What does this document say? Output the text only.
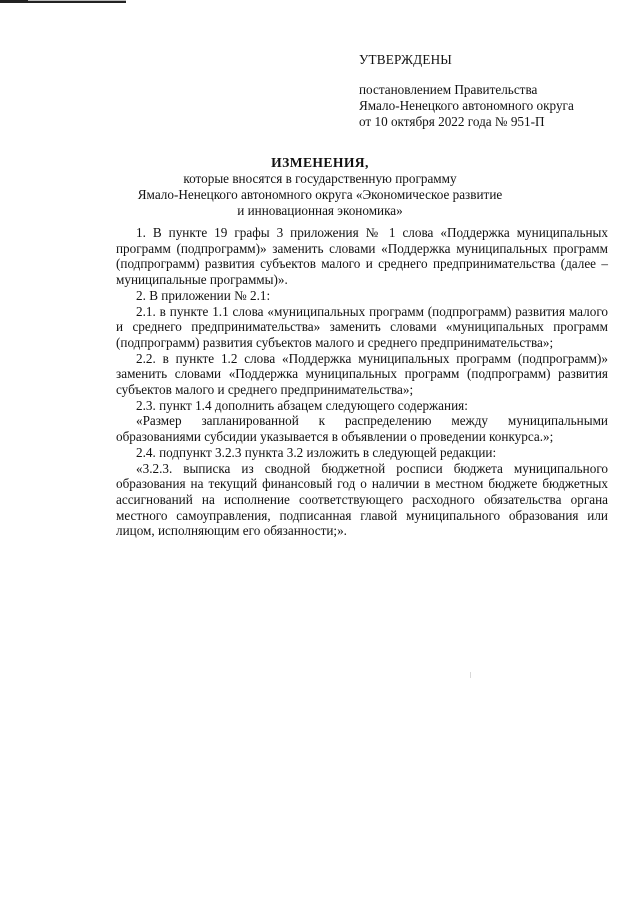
УТВЕРЖДЕНЫ
постановлением Правительства
Ямало-Ненецкого автономного округа
от 10 октября 2022 года № 951-П
ИЗМЕНЕНИЯ,
которые вносятся в государственную программу
Ямало-Ненецкого автономного округа «Экономическое развитие
и инновационная экономика»

1. В пункте 19 графы 3 приложения № 1 слова «Поддержка муниципальных программ (подпрограмм)» заменить словами «Поддержка муниципальных программ (подпрограмм) развития субъектов малого и среднего предпринимательства (далее – муниципальные программы)».

2. В приложении № 2.1:

2.1. в пункте 1.1 слова «муниципальных программ (подпрограмм) развития малого и среднего предпринимательства» заменить словами «муниципальных программ (подпрограмм) развития субъектов малого и среднего предпринимательства»;

2.2. в пункте 1.2 слова «Поддержка муниципальных программ (подпрограмм)» заменить словами «Поддержка муниципальных программ (подпрограмм) развития субъектов малого и среднего предпринимательства»;

2.3. пункт 1.4 дополнить абзацем следующего содержания:

«Размер запланированной к распределению между муниципальными образованиями субсидии указывается в объявлении о проведении конкурса.»;

2.4. подпункт 3.2.3 пункта 3.2 изложить в следующей редакции:

«3.2.3. выписка из сводной бюджетной росписи бюджета муниципального образования на текущий финансовый год о наличии в местном бюджете бюджетных ассигнований на исполнение соответствующего расходного обязательства органа местного самоуправления, подписанная главой муниципального образования или лицом, исполняющим его обязанности;».
